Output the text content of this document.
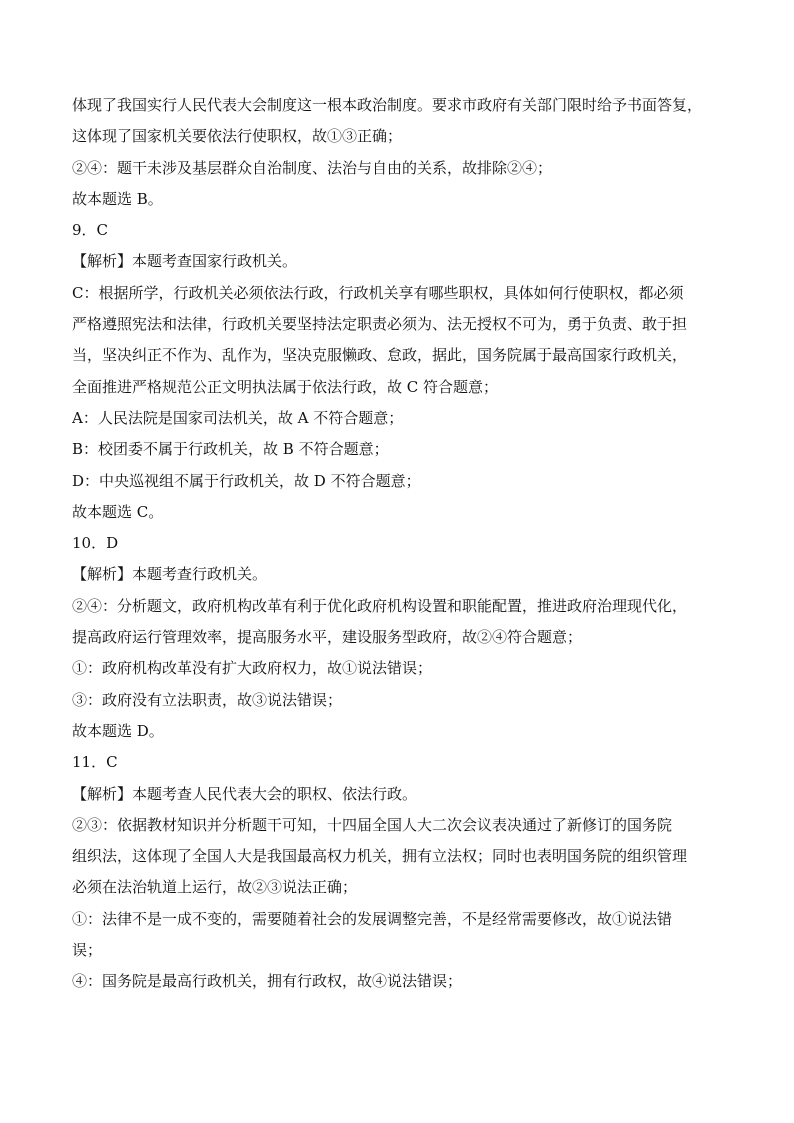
体现了我国实行人民代表大会制度这一根本政治制度。要求市政府有关部门限时给予书面答复，
这体现了国家机关要依法行使职权，故①③正确；
②④：题干未涉及基层群众自治制度、法治与自由的关系，故排除②④；
故本题选 B。
9．C
【解析】本题考查国家行政机关。
C：根据所学，行政机关必须依法行政，行政机关享有哪些职权，具体如何行使职权，都必须
严格遵照宪法和法律，行政机关要坚持法定职责必须为、法无授权不可为，勇于负责、敢于担
当，坚决纠正不作为、乱作为，坚决克服懒政、怠政，据此，国务院属于最高国家行政机关，
全面推进严格规范公正文明执法属于依法行政，故 C 符合题意；
A：人民法院是国家司法机关，故 A 不符合题意；
B：校团委不属于行政机关，故 B 不符合题意；
D：中央巡视组不属于行政机关，故 D 不符合题意；
故本题选 C。
10．D
【解析】本题考查行政机关。
②④：分析题文，政府机构改革有利于优化政府机构设置和职能配置，推进政府治理现代化，
提高政府运行管理效率，提高服务水平，建设服务型政府，故②④符合题意；
①：政府机构改革没有扩大政府权力，故①说法错误；
③：政府没有立法职责，故③说法错误；
故本题选 D。
11．C
【解析】本题考查人民代表大会的职权、依法行政。
②③：依据教材知识并分析题干可知，十四届全国人大二次会议表决通过了新修订的国务院
组织法，这体现了全国人大是我国最高权力机关，拥有立法权；同时也表明国务院的组织管理
必须在法治轨道上运行，故②③说法正确；
①：法律不是一成不变的，需要随着社会的发展调整完善，不是经常需要修改，故①说法错
误；
④：国务院是最高行政机关，拥有行政权，故④说法错误；
